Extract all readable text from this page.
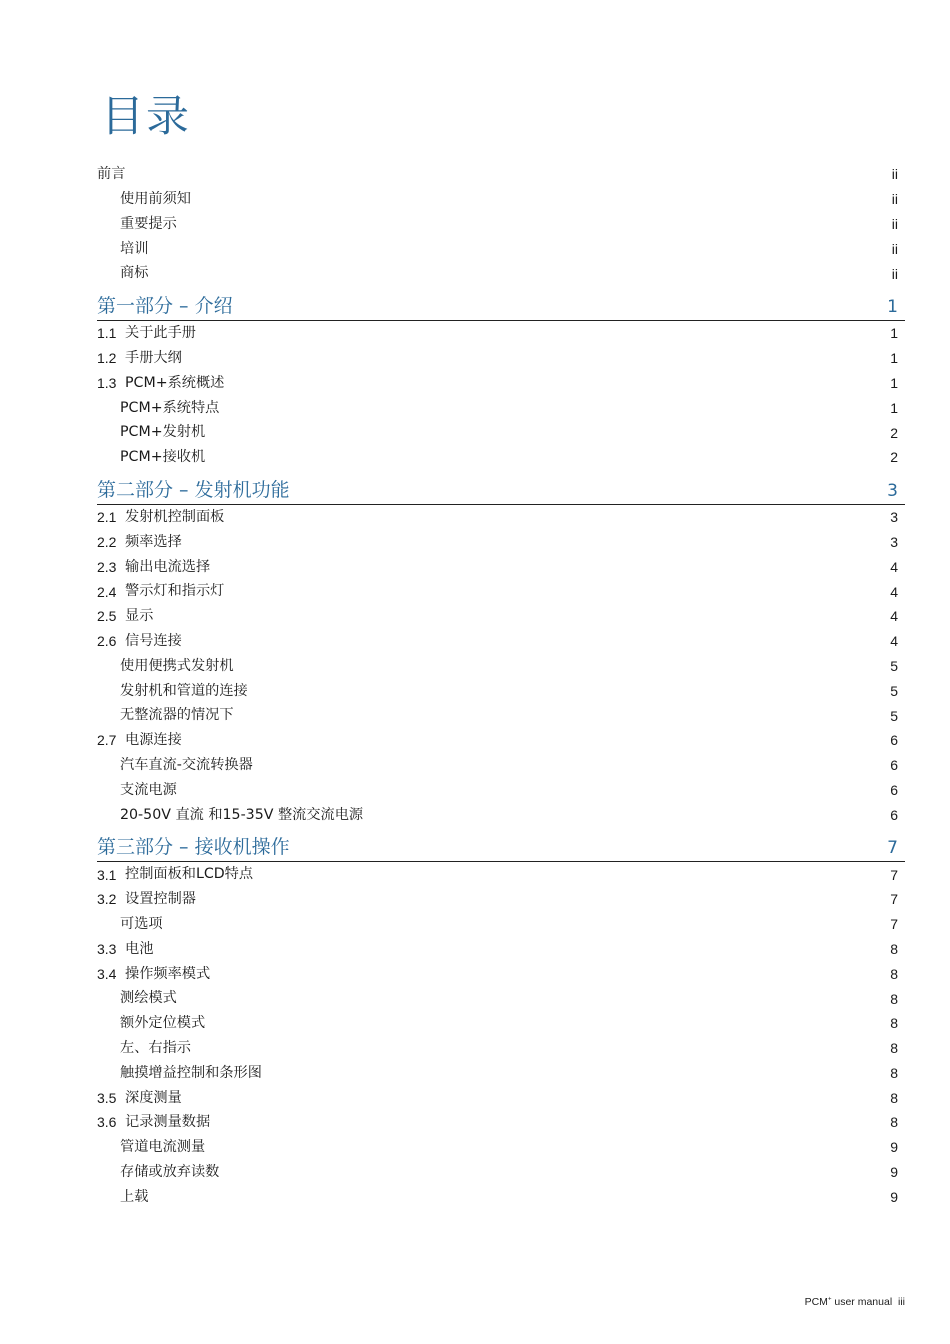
目录
前言	ii
使用前须知	ii
重要提示	ii
培训	ii
商标	ii
第一部分 – 介绍	1
1.1 关于此手册	1
1.2 手册大纲	1
1.3 PCM+系统概述	1
PCM+系统特点	1
PCM+发射机	2
PCM+接收机	2
第二部分 – 发射机功能	3
2.1 发射机控制面板	3
2.2 频率选择	3
2.3 输出电流选择	4
2.4 警示灯和指示灯	4
2.5 显示	4
2.6 信号连接	4
使用便携式发射机	5
发射机和管道的连接	5
无整流器的情况下	5
2.7 电源连接	6
汽车直流-交流转换器	6
支流电源	6
20-50V 直流 和15-35V 整流交流电源	6
第三部分 – 接收机操作	7
3.1 控制面板和LCD特点	7
3.2 设置控制器	7
可选项	7
3.3 电池	8
3.4 操作频率模式	8
测绘模式	8
额外定位模式	8
左、右指示	8
触摸增益控制和条形图	8
3.5 深度测量	8
3.6 记录测量数据	8
管道电流测量	9
存储或放弃读数	9
上载	9
PCM+ user manual iii
